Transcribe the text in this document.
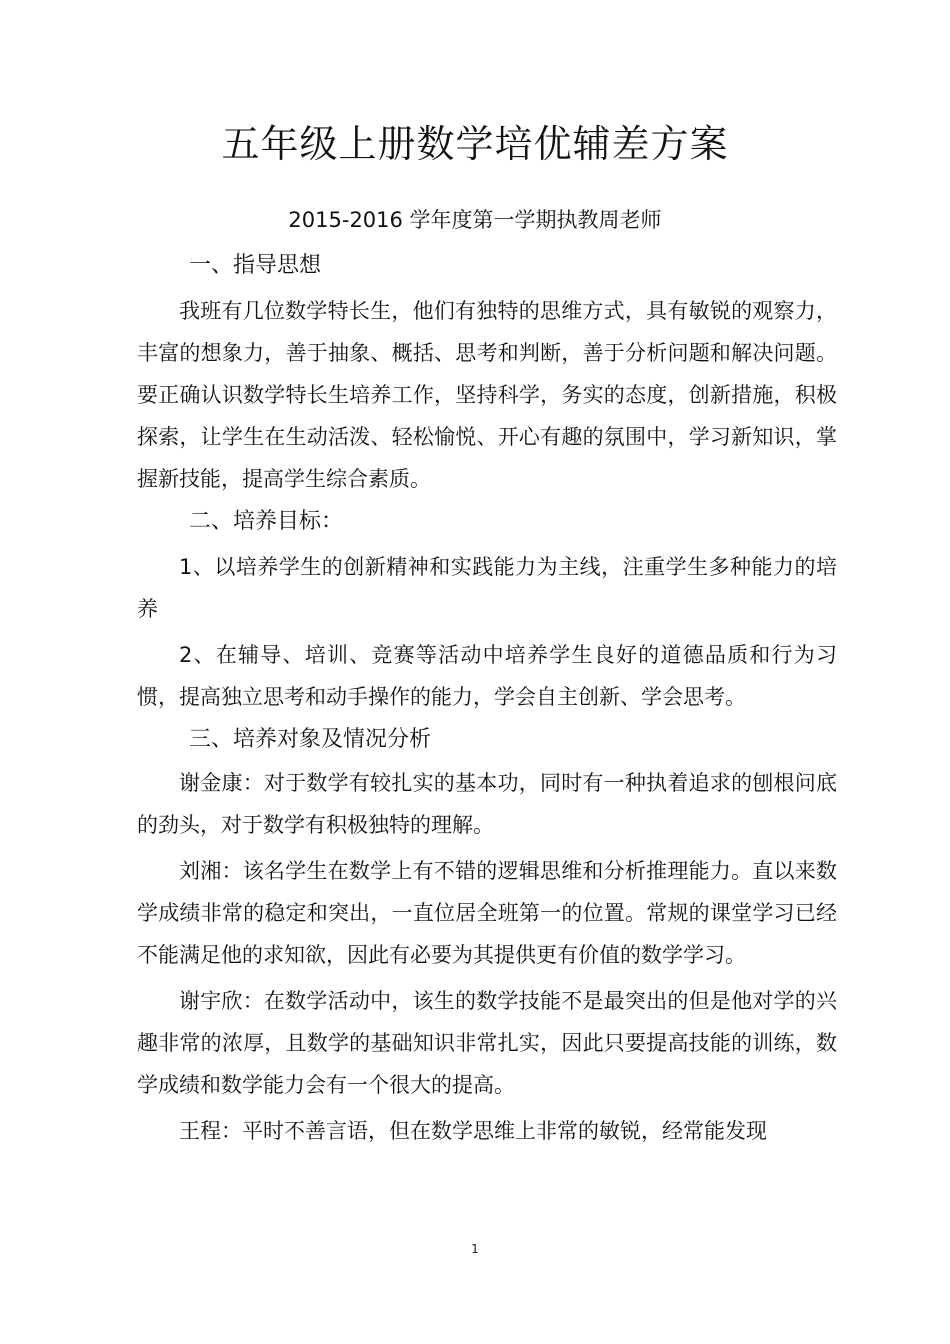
五年级上册数学培优辅差方案
2015-2016 学年度第一学期执教周老师
一、指导思想

我班有几位数学特长生，他们有独特的思维方式，具有敏锐的观察力，丰富的想象力，善于抽象、概括、思考和判断，善于分析问题和解决问题。要正确认识数学特长生培养工作，坚持科学，务实的态度，创新措施，积极探索，让学生在生动活泼、轻松愉悦、开心有趣的氛围中，学习新知识，掌握新技能，提高学生综合素质。

二、培养目标：

1、以培养学生的创新精神和实践能力为主线，注重学生多种能力的培养

2、在辅导、培训、竞赛等活动中培养学生良好的道德品质和行为习惯，提高独立思考和动手操作的能力，学会自主创新、学会思考。

三、培养对象及情况分析

谢金康：对于数学有较扎实的基本功，同时有一种执着追求的刨根问底的劲头，对于数学有积极独特的理解。

刘湘：该名学生在数学上有不错的逻辑思维和分析推理能力。直以来数学成绩非常的稳定和突出，一直位居全班第一的位置。常规的课堂学习已经不能满足他的求知欲，因此有必要为其提供更有价值的数学学习。

谢宇欣：在数学活动中，该生的数学技能不是最突出的但是他对学的兴趣非常的浓厚，且数学的基础知识非常扎实，因此只要提高技能的训练，数学成绩和数学能力会有一个很大的提高。

王程：平时不善言语，但在数学思维上非常的敏锐，经常能发现

1
